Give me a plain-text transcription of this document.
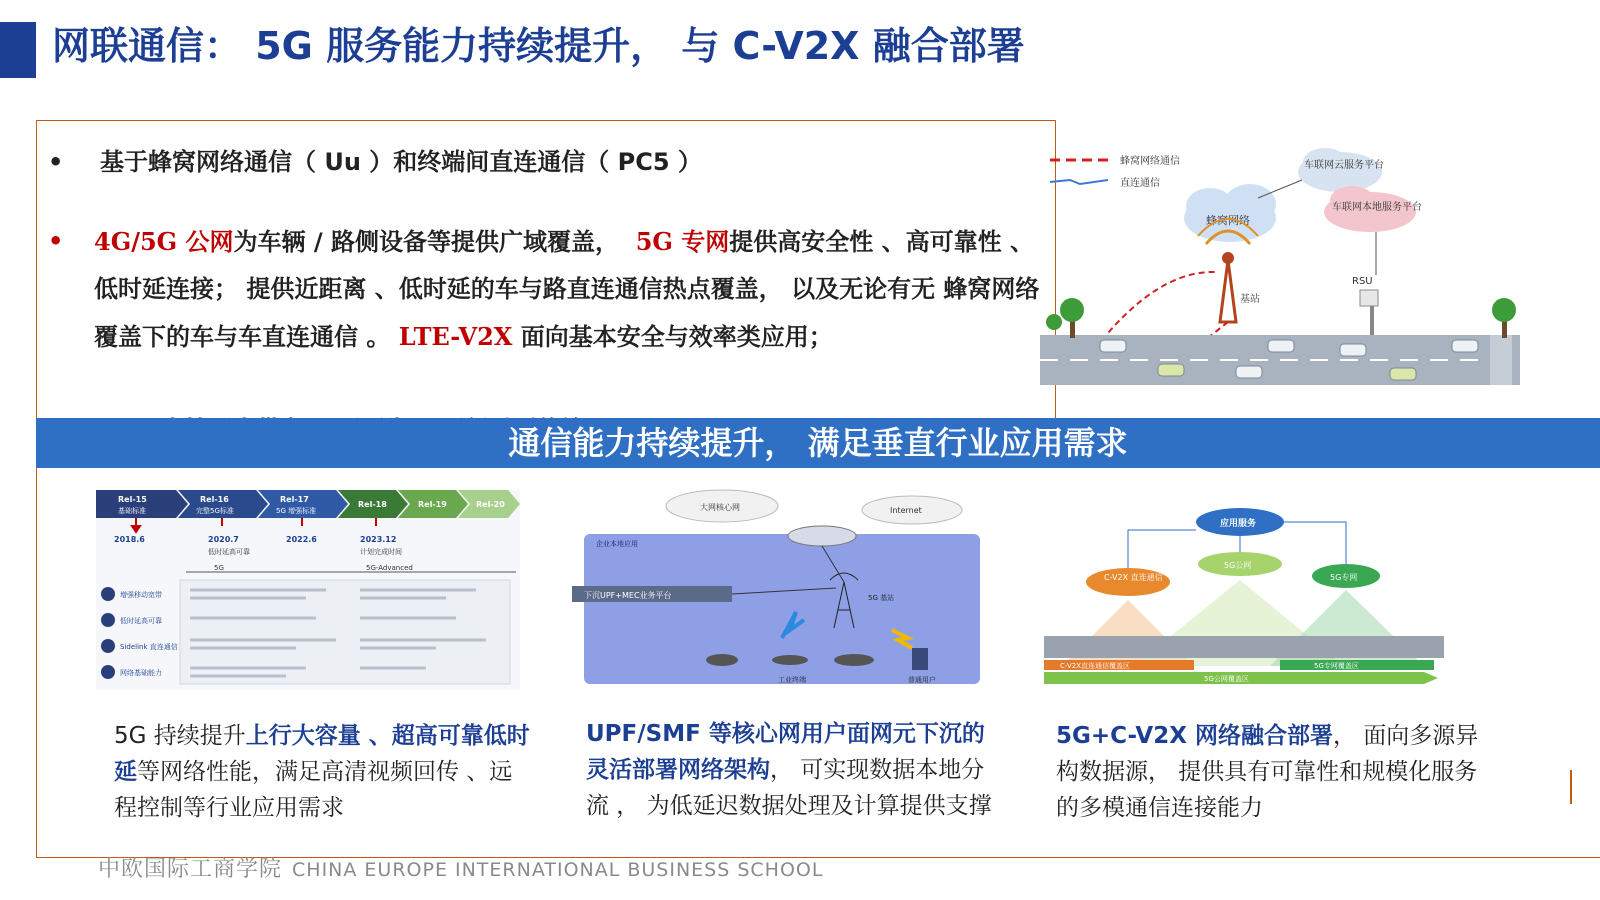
网联通信： 5G 服务能力持续提升， 与 C-V2X 融合部署
• 基于蜂窝网络通信（ Uu ）和终端间直连通信（ PC5 ）
• 4G/5G 公网为车辆 / 路侧设备等提供广域覆盖， 5G 专网提供高安全性 、高可靠性 、 低时延连接； 提供近距离 、低时延的车与路直连通信热点覆盖， 以及无论有无 蜂窝网络覆盖下的车与车直连通信 。 LTE-V2X 面向基本安全与效率类应用；
蜂窝网络通信
直连通信
蜂窝网络
车联网云服务平台
车联网本地服务平台
基站
RSU
通信能力持续提升， 满足垂直行业应用需求
Rel-15	Rel-16	Rel-17
Rel-18	Rel-19	Rel-20
基础标准	完整5G标准	5G 增强标准
2018.6	2020.7	2022.6	2023.12
低时延高可靠	计划完成时间
5G	5G-Advanced
增强移动宽带
低时延高可靠
Sidelink 直连通信
网络基础能力
5G 持续提升上行大容量 、超高可靠低时延等网络性能，满足高清视频回传 、远程控制等行业应用需求
大网核心网	Internet
企业本地应用
下沉UPF+MEC业务平台	5G 基站
工业终端	普通用户
UPF/SMF 等核心网用户面网元下沉的灵活部署网络架构， 可实现数据本地分流 ， 为低延迟数据处理及计算提供支撑
应用服务
C-V2X 直连通信
5G公网
5G专网
C-V2X直连通信覆盖区	5G专网覆盖区
5G公网覆盖区
5G+C-V2X 网络融合部署， 面向多源异构数据源， 提供具有可靠性和规模化服务的多模通信连接能力
中欧国际工商学院 CHINA EUROPE INTERNATIONAL BUSINESS SCHOOL
